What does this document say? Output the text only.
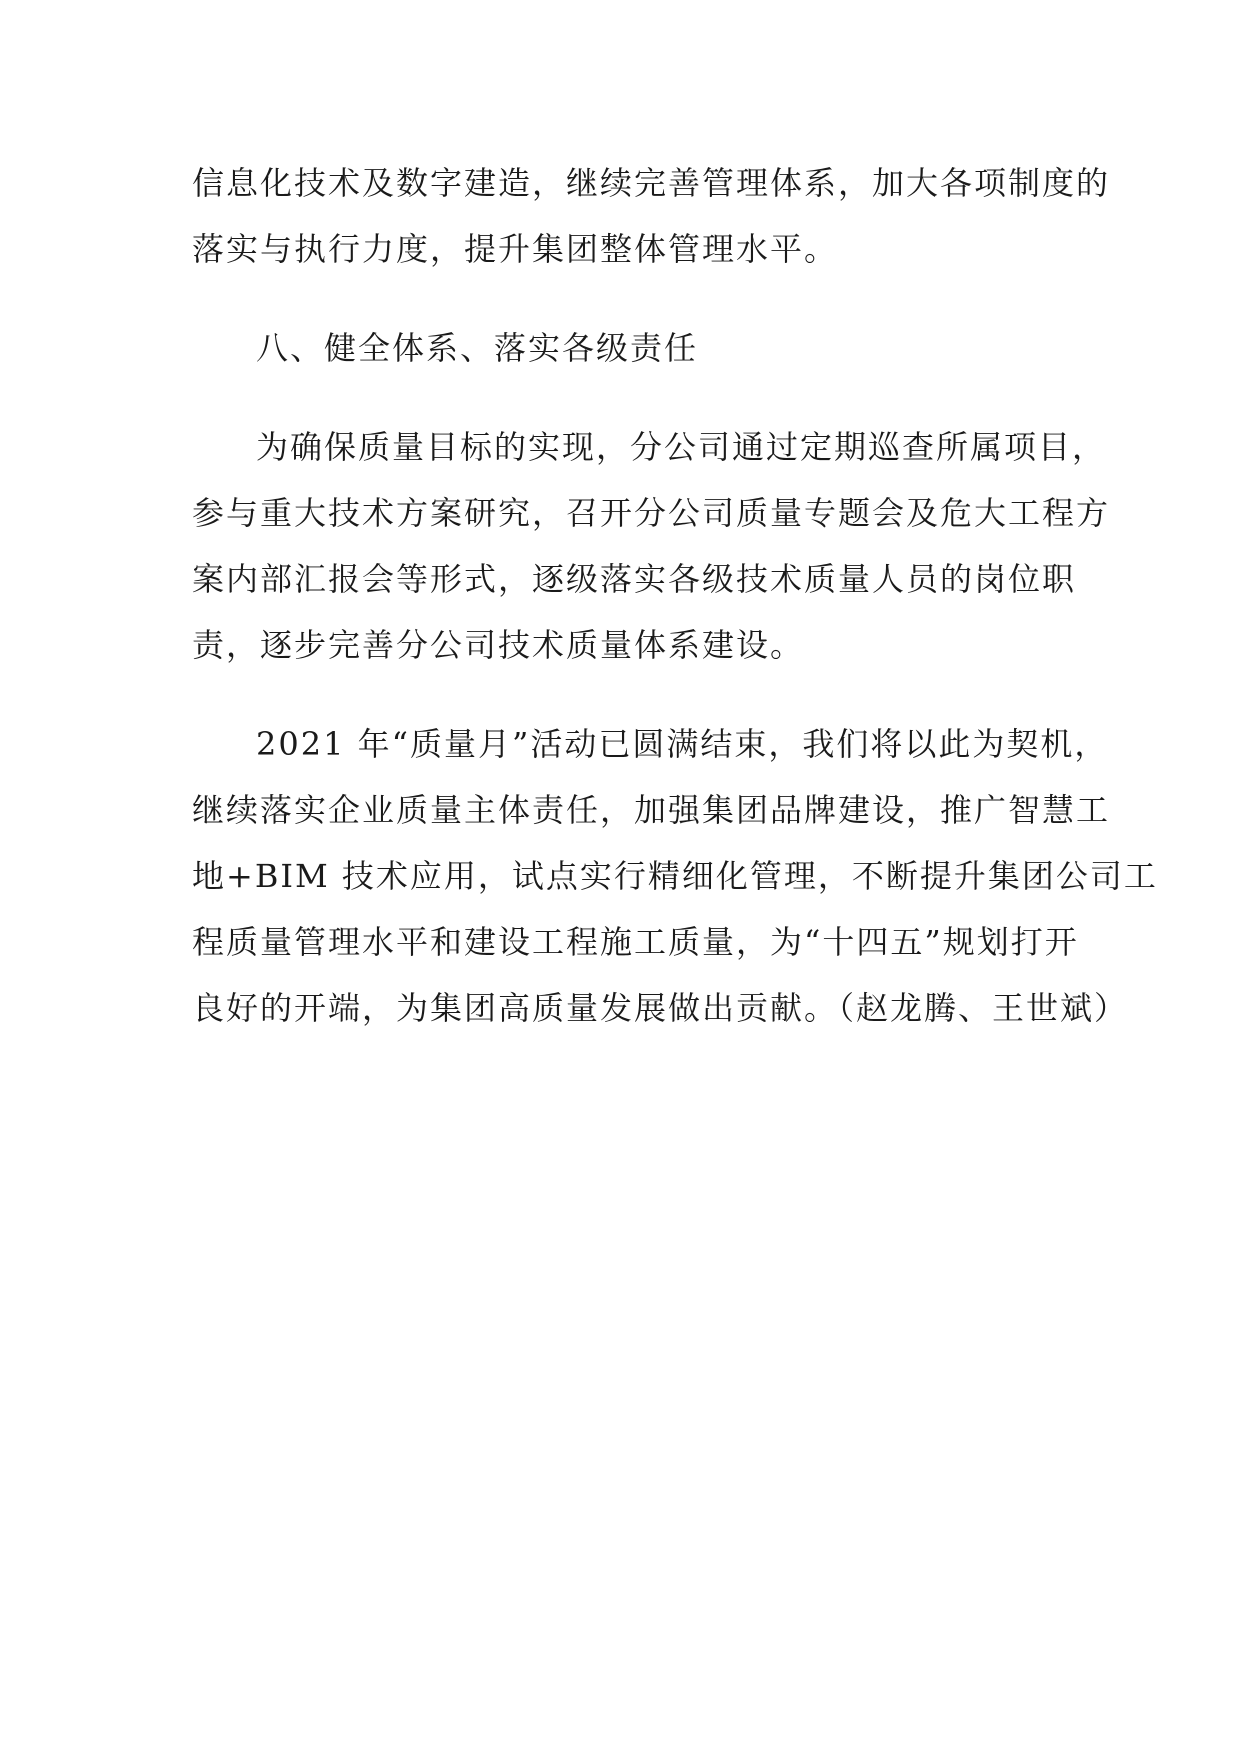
信息化技术及数字建造，继续完善管理体系，加大各项制度的
落实与执行力度，提升集团整体管理水平。
八、健全体系、落实各级责任
为确保质量目标的实现，分公司通过定期巡查所属项目，
参与重大技术方案研究，召开分公司质量专题会及危大工程方
案内部汇报会等形式，逐级落实各级技术质量人员的岗位职
责，逐步完善分公司技术质量体系建设。
2021 年“质量月”活动已圆满结束，我们将以此为契机，
继续落实企业质量主体责任，加强集团品牌建设，推广智慧工
地+BIM 技术应用，试点实行精细化管理，不断提升集团公司工
程质量管理水平和建设工程施工质量，为“十四五”规划打开
良好的开端，为集团高质量发展做出贡献。（赵龙腾、王世斌）
